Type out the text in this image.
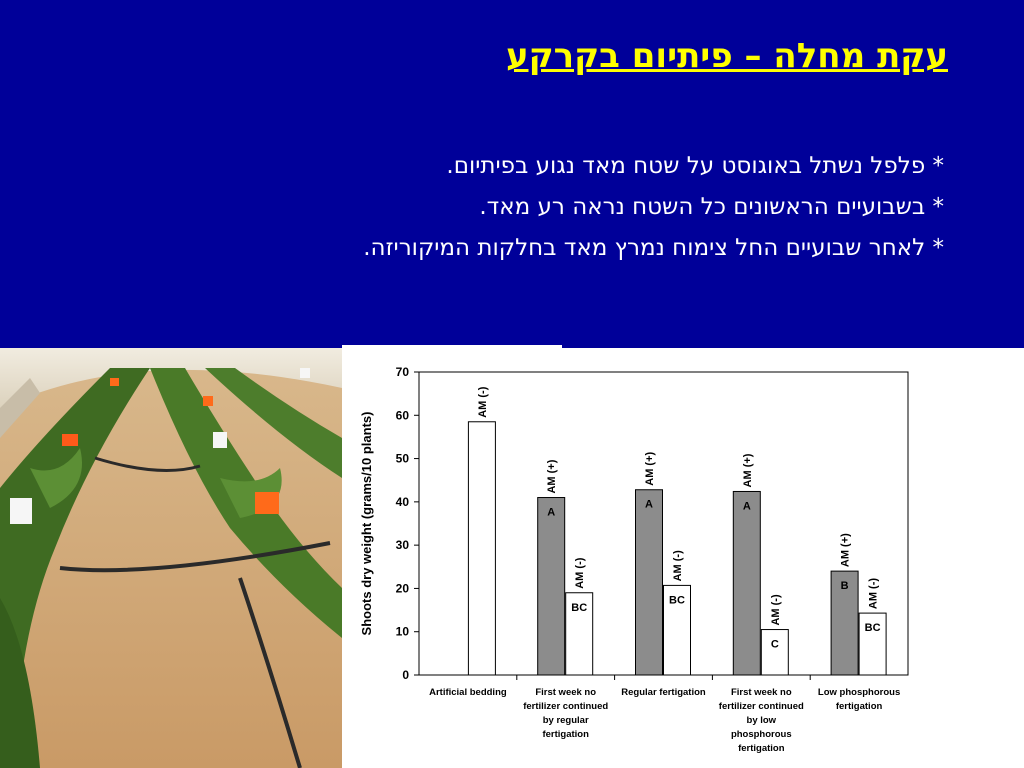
עקת מחלה – פיתיום בקרקע
* פלפל נשתל באוגוסט על שטח מאד נגוע בפיתיום.
* בשבועיים הראשונים כל השטח נראה רע מאד.
* לאחר שבועיים החל צימוח נמרץ מאד בחלקות המיקוריזה.
0
10
20
30
40
50
60
70
Shoots dry weight (grams/10 plants)
AM (-)
Artificial bedding
AM (+)
A
AM (-)
BC
First week no
fertilizer continued
by regular
fertigation
AM (+)
A
AM (-)
BC
Regular fertigation
AM (+)
A
AM (-)
C
First week no
fertilizer continued
by low
phosphorous
fertigation
AM (+)
B AM (-)
BC
Low phosphorous
fertigation
